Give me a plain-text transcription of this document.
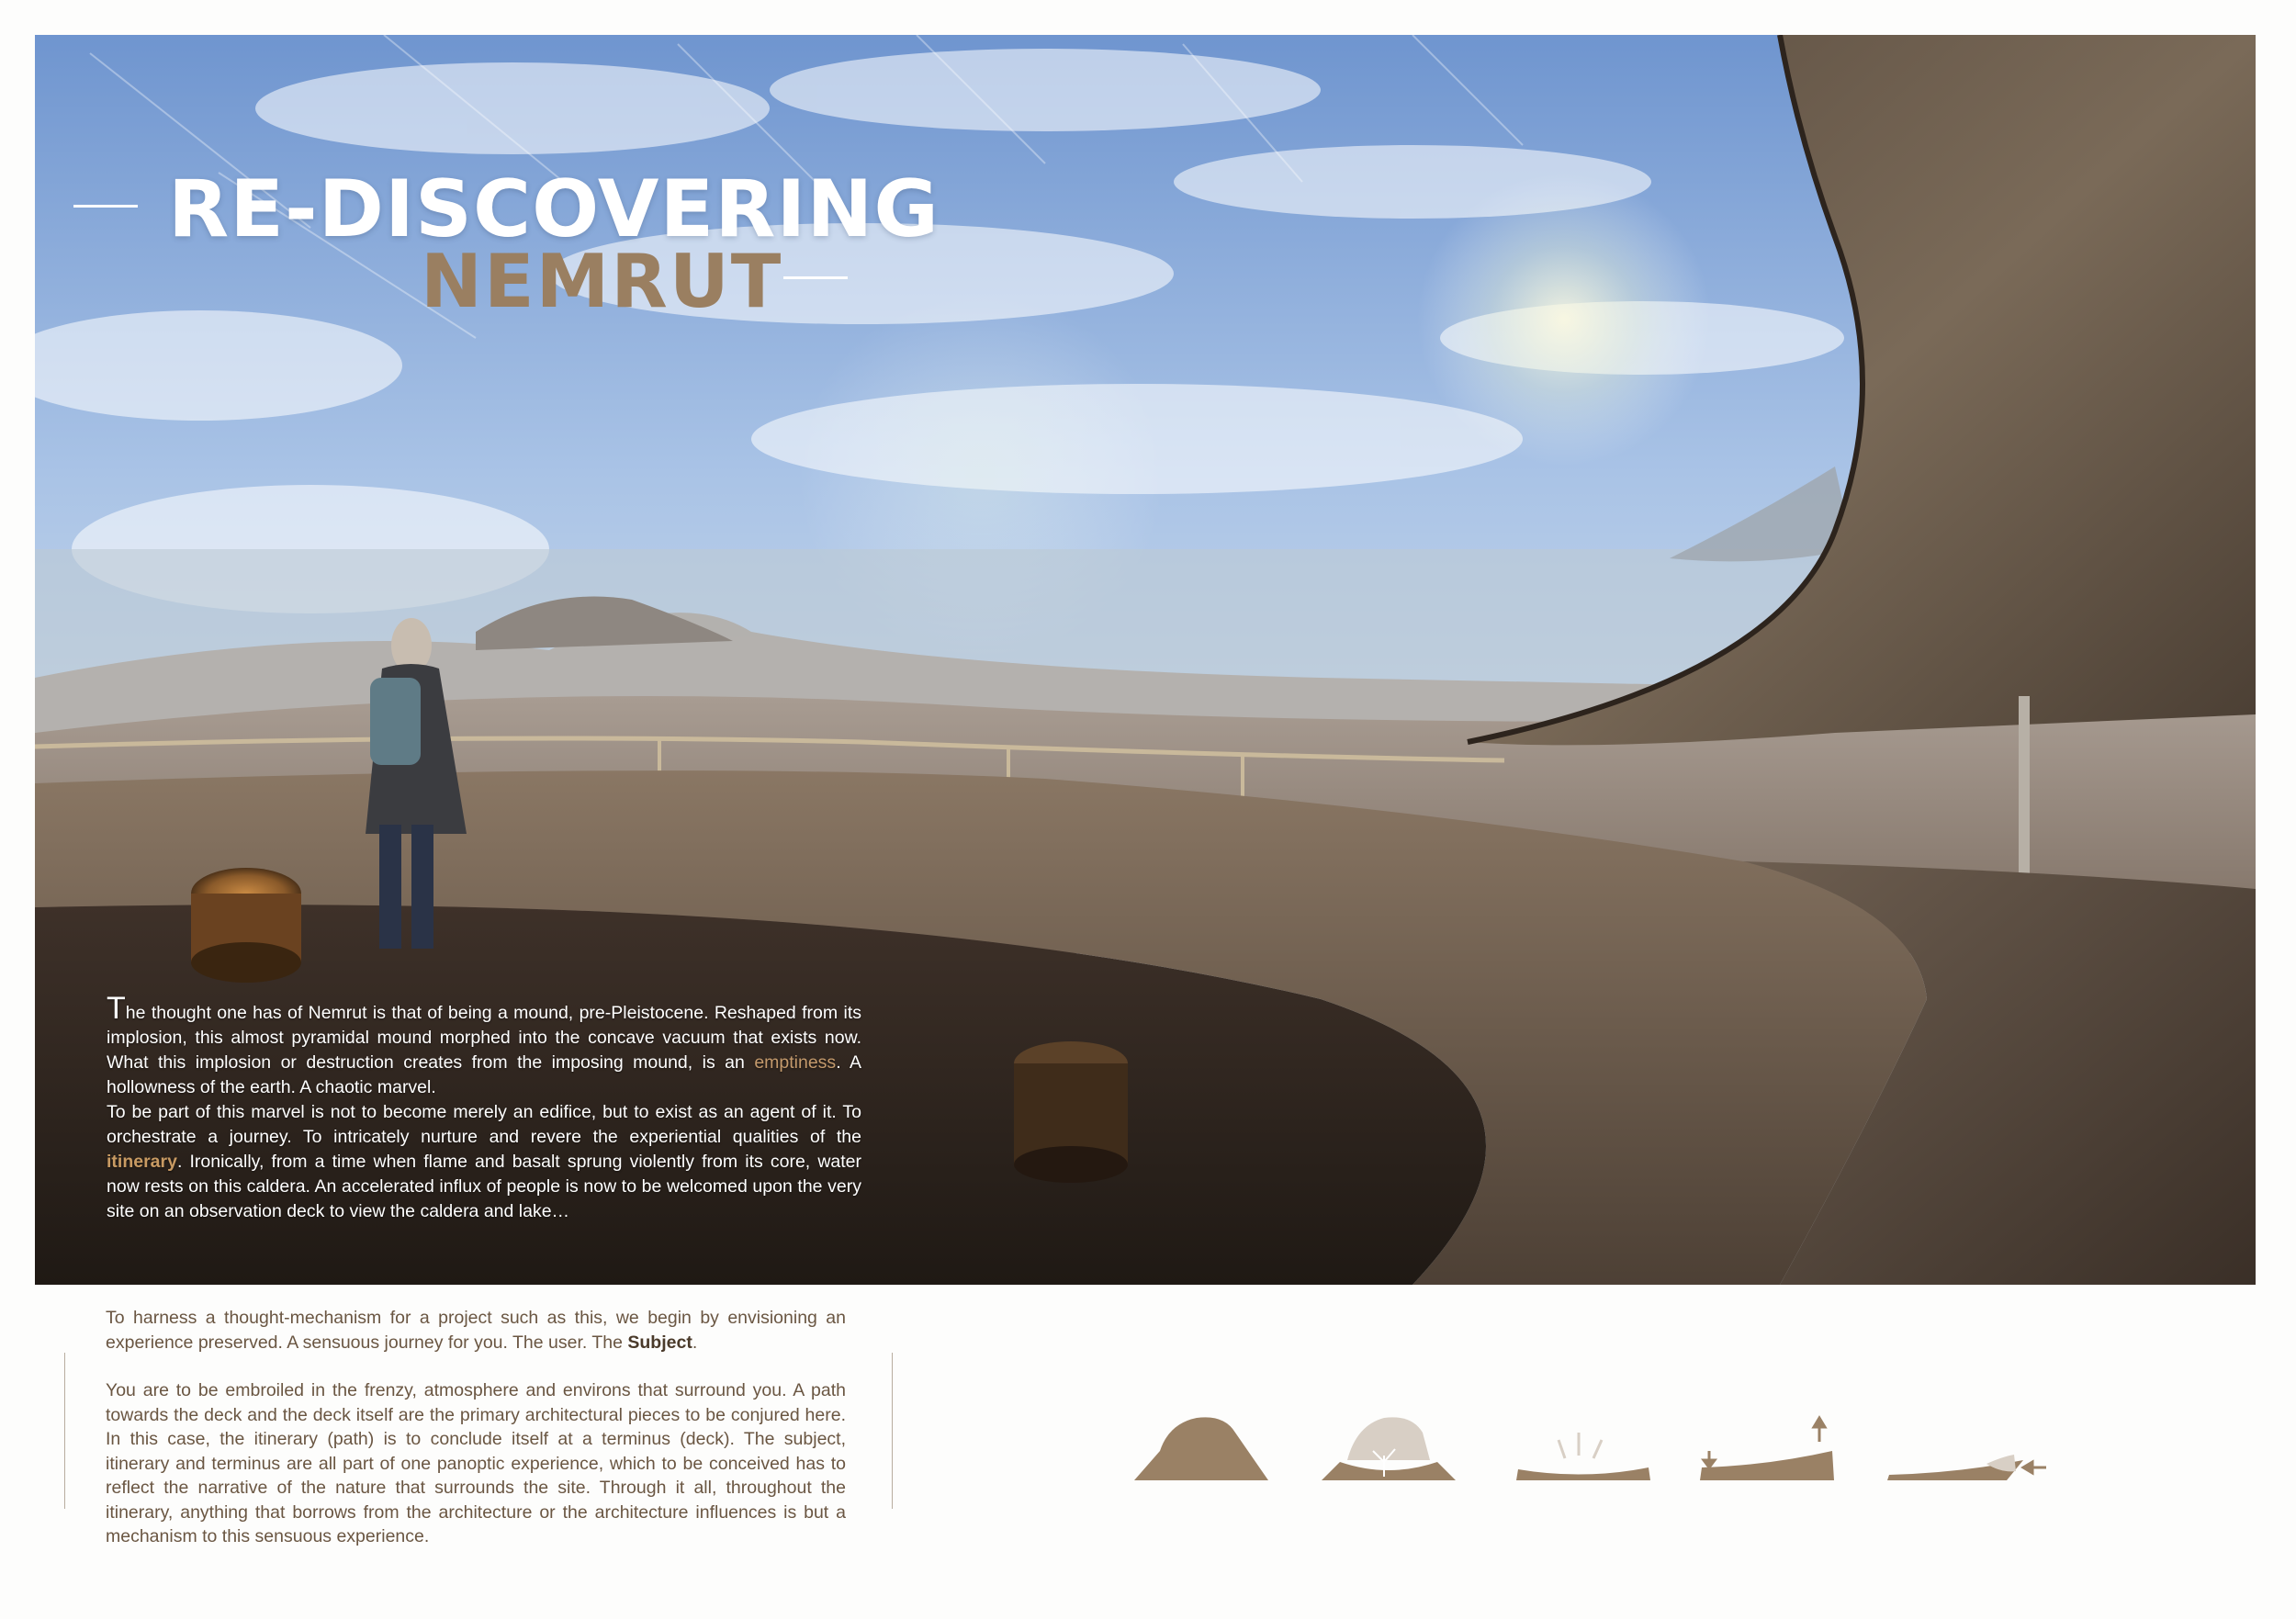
RE-DISCOVERING
NEMRUT

The thought one has of Nemrut is that of being a mound, pre-Pleistocene. Reshaped from its implosion, this almost pyramidal mound morphed into the concave vacuum that exists now. What this implosion or destruction creates from the imposing mound, is an emptiness. A hollowness of the earth. A chaotic marvel.

To be part of this marvel is not to become merely an edifice, but to exist as an agent of it. To orchestrate a journey. To intricately nurture and revere the experiential qualities of the itinerary. Ironically, from a time when flame and basalt sprung violently from its core, water now rests on this caldera. An accelerated influx of people is now to be welcomed upon the very site on an observation deck to view the caldera and lake…

To harness a thought-mechanism for a project such as this, we begin by envisioning an experience preserved. A sensuous journey for you. The user. The Subject.

You are to be embroiled in the frenzy, atmosphere and environs that surround you. A path towards the deck and the deck itself are the primary architectural pieces to be conjured here. In this case, the itinerary (path) is to conclude itself at a terminus (deck). The subject, itinerary and terminus are all part of one panoptic experience, which to be conceived has to reflect the narrative of the nature that surrounds the site. Through it all, throughout the itinerary, anything that borrows from the architecture or the architecture influences is but a mechanism to this sensuous experience.
